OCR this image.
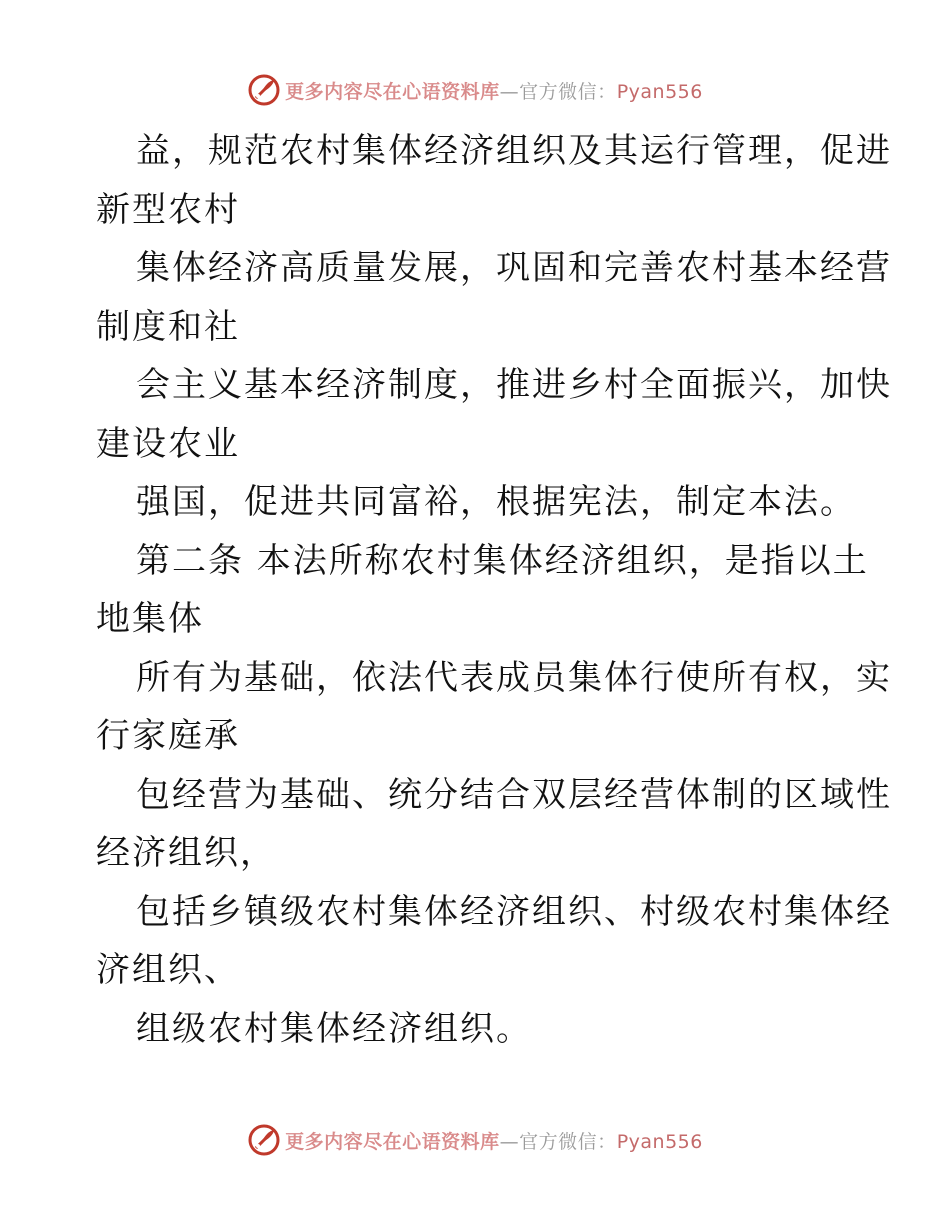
更多内容尽在心语资料库—官方微信：Pyan556
益，规范农村集体经济组织及其运行管理，促进
新型农村
集体经济高质量发展，巩固和完善农村基本经营
制度和社
会主义基本经济制度，推进乡村全面振兴，加快
建设农业
强国，促进共同富裕，根据宪法，制定本法。
第二条 本法所称农村集体经济组织，是指以土
地集体
所有为基础，依法代表成员集体行使所有权，实
行家庭承
包经营为基础、统分结合双层经营体制的区域性
经济组织，
包括乡镇级农村集体经济组织、村级农村集体经
济组织、
组级农村集体经济组织。
更多内容尽在心语资料库—官方微信：Pyan556
